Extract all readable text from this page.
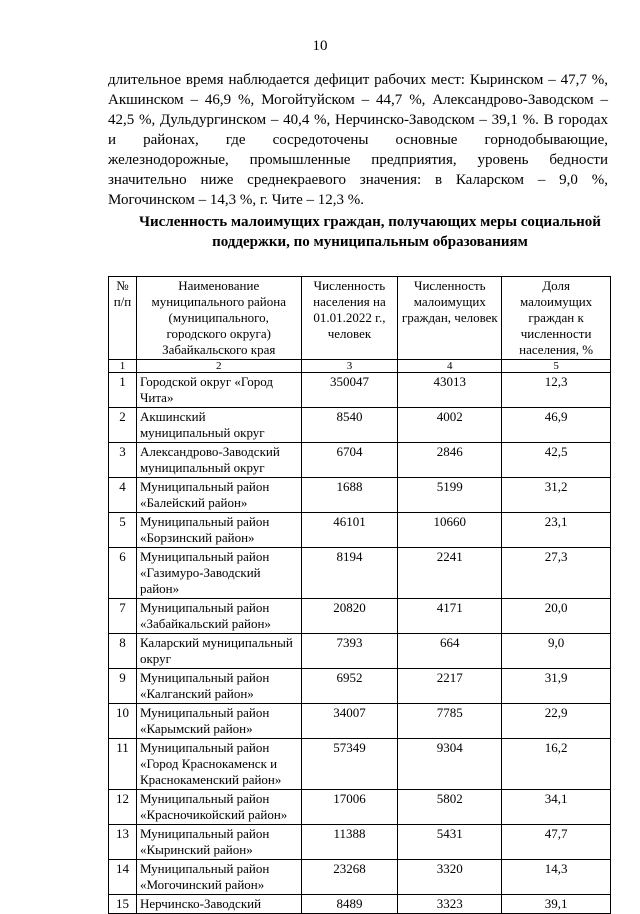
10

длительное время наблюдается дефицит рабочих мест: Кыринском – 47,7 %, Акшинском – 46,9 %, Могойтуйском – 44,7 %, Александрово-Заводском – 42,5 %, Дульдургинском – 40,4 %, Нерчинско-Заводском – 39,1 %. В городах и районах, где сосредоточены основные горнодобывающие, железнодорожные, промышленные предприятия, уровень бедности значительно ниже среднекраевого значения: в Каларском – 9,0 %, Могочинском – 14,3 %, г. Чите – 12,3 %.

Численность малоимущих граждан, получающих меры социальной поддержки, по муниципальным образованиям

№ п/п	Наименование муниципального района (муниципального, городского округа) Забайкальского края	Численность населения на 01.01.2022 г., человек	Численность малоимущих граждан, человек	Доля малоимущих граждан к численности населения, %
1	2	3	4	5
1	Городской округ «Город Чита»	350047	43013	12,3
2	Акшинский муниципальный округ	8540	4002	46,9
3	Александрово-Заводский муниципальный округ	6704	2846	42,5
4	Муниципальный район «Балейский район»	1688	5199	31,2
5	Муниципальный район «Борзинский район»	46101	10660	23,1
6	Муниципальный район «Газимуро-Заводский район»	8194	2241	27,3
7	Муниципальный район «Забайкальский район»	20820	4171	20,0
8	Каларский муниципальный округ	7393	664	9,0
9	Муниципальный район «Калганский район»	6952	2217	31,9
10	Муниципальный район «Карымский район»	34007	7785	22,9
11	Муниципальный район «Город Краснокаменск и Краснокаменский район»	57349	9304	16,2
12	Муниципальный район «Красночикойский район»	17006	5802	34,1
13	Муниципальный район «Кыринский район»	11388	5431	47,7
14	Муниципальный район «Могочинский район»	23268	3320	14,3
15	Нерчинско-Заводский	8489	3323	39,1
